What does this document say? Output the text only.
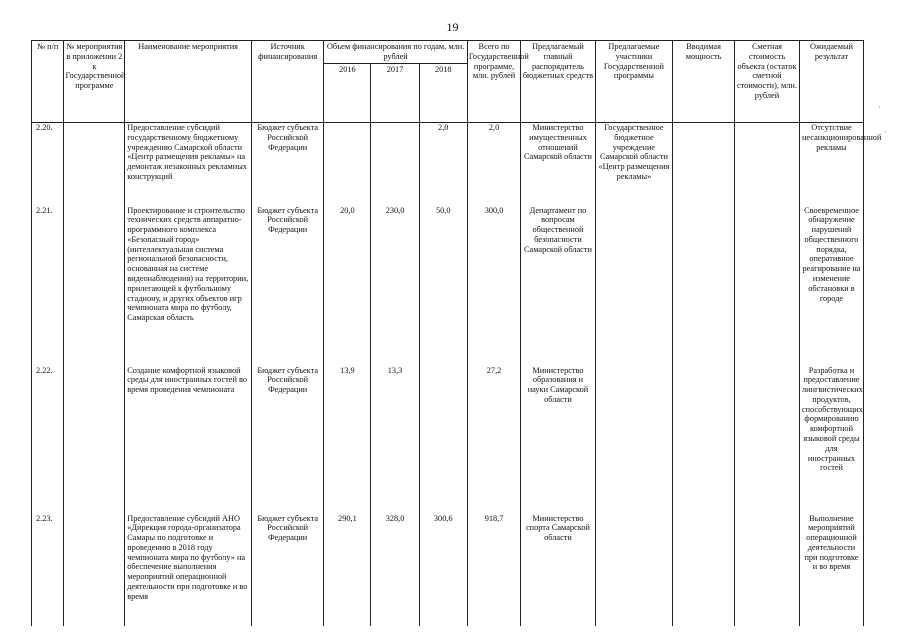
19
№ п/п	№ мероприятия в приложении 2 к Государственной программе	Наименование мероприятия	Источник финансирования	Объем финансирования по годам, млн. рублей			Всего по Государственной программе, млн. рублей	Предлагаемый главный распорядитель бюджетных средств	Предлагаемые участники Государственной программы	Вводимая мощность	Сметная стоимость объекта (остаток сметной стоимости), млн. рублей	Ожидаемый результат
				2016	2017	2018						
2.20.		Предоставление субсидий государственному бюджетному учреждению Самарской области «Центр размещения рекламы» на демонтаж незаконных рекламных конструкций	Бюджет субъекта Российской Федерации			2,0	2,0	Министерство имущественных отношений Самарской области	Государственное бюджетное учреждение Самарской области «Центр размещения рекламы»			Отсутствие несанкционированной рекламы
2.21.		Проектирование и строительство технических средств аппаратно-программного комплекса «Безопасный город» (интеллектуальная система региональной безопасности, основанная на системе видеонаблюдения) на территории, прилегающей к футбольному стадиону, и других объектов игр чемпионата мира по футболу, Самарская область	Бюджет субъекта Российской Федерации	20,0	230,0	50,0	300,0	Департамент по вопросам общественной безопасности Самарской области				Своевременное обнаружение нарушений общественного порядка, оперативное реагирование на изменение обстановки в городе
2.22.		Создание комфортной языковой среды для иностранных гостей во время проведения чемпионата	Бюджет субъекта Российской Федерации	13,9	13,3		27,2	Министерство образования и науки Самарской области				Разработка и предоставление лингвистических продуктов, способствующих формированию комфортной языковой среды для иностранных гостей
2.23.		Предоставление субсидий АНО «Дирекция города-организатора Самары по подготовке и проведению в 2018 году чемпионата мира по футболу» на обеспечение выполнения мероприятий операционной деятельности при подготовке и во время	Бюджет субъекта Российской Федерации	290,1	328,0	300,6	918,7	Министерство спорта Самарской области				Выполнение мероприятий операционной деятельности при подготовке и во время
·
·
